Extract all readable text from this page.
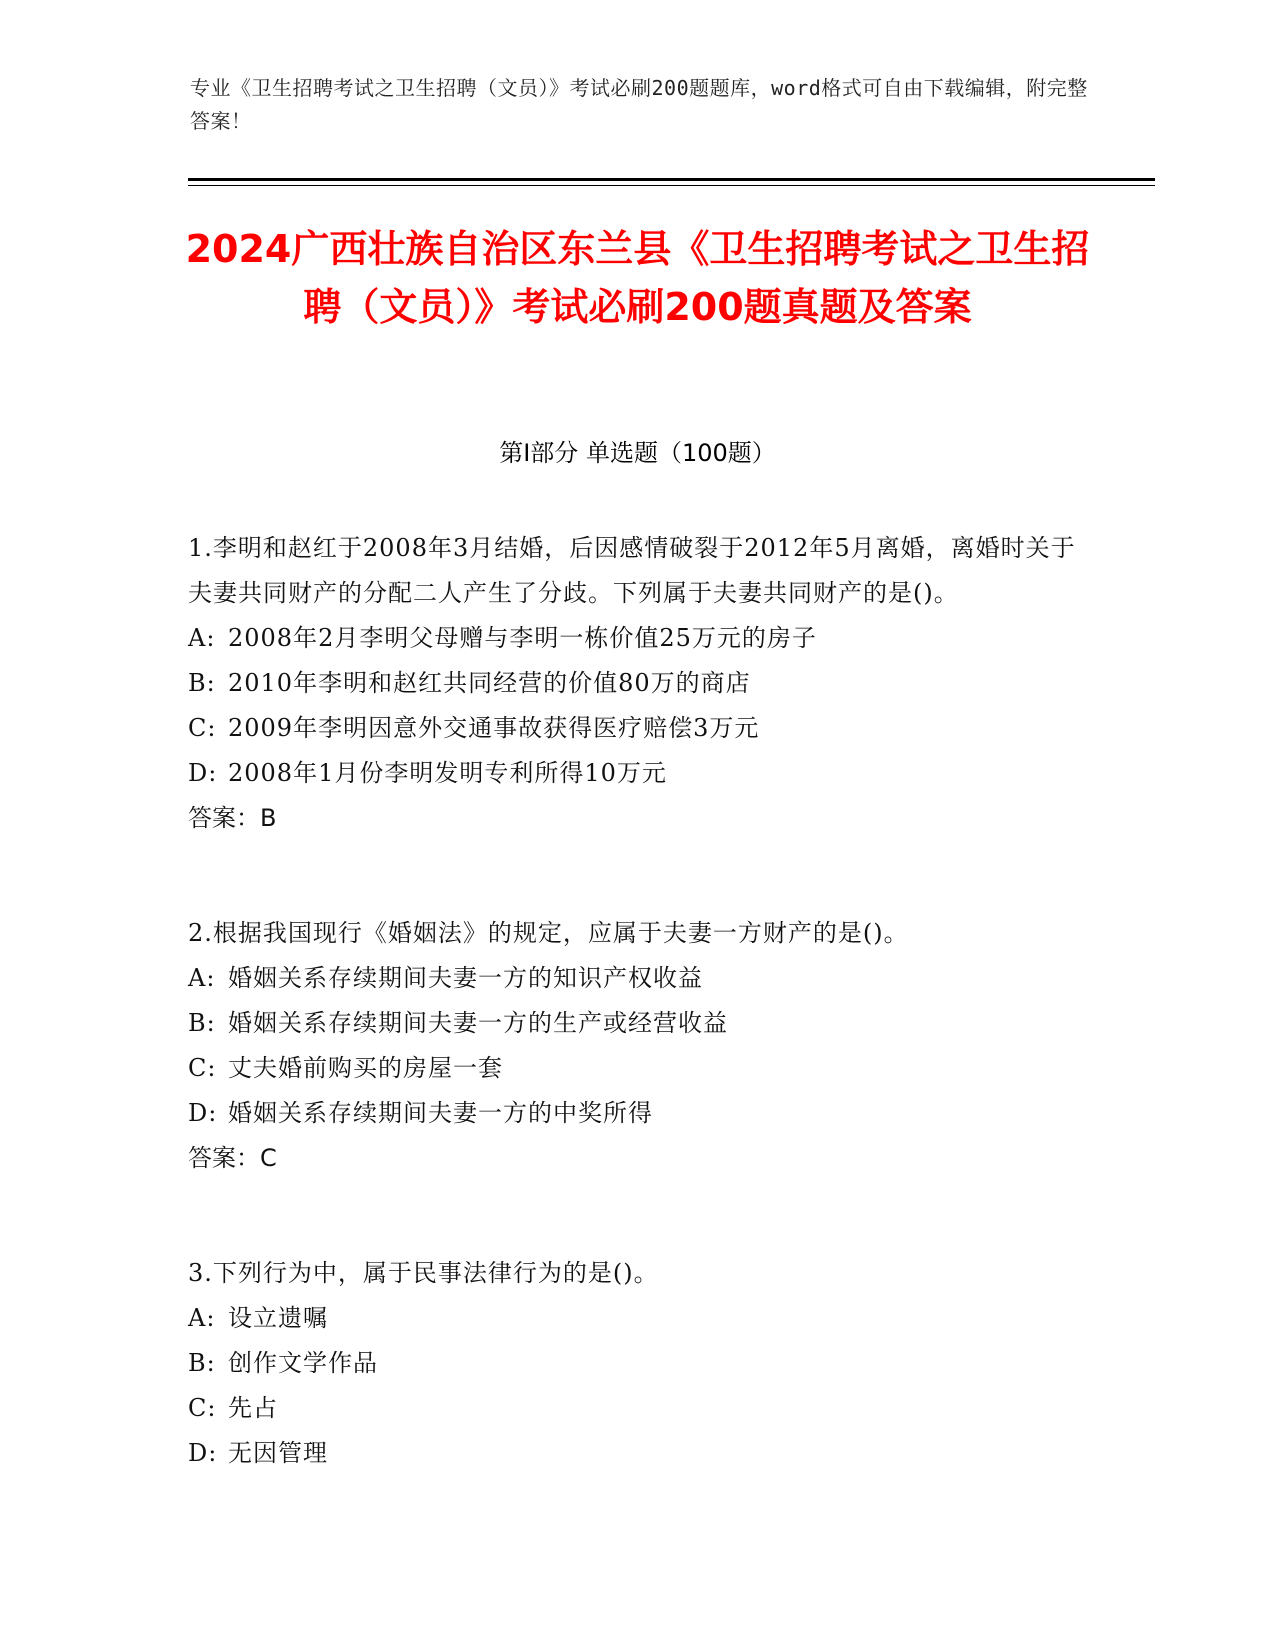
专业《卫生招聘考试之卫生招聘（文员）》考试必刷200题题库，word格式可自由下载编辑，附完整答案！
2024广西壮族自治区东兰县《卫生招聘考试之卫生招聘（文员）》考试必刷200题真题及答案
第Ⅰ部分 单选题（100题）

1.李明和赵红于2008年3月结婚，后因感情破裂于2012年5月离婚，离婚时关于夫妻共同财产的分配二人产生了分歧。下列属于夫妻共同财产的是()。

A: 2008年2月李明父母赠与李明一栋价值25万元的房子

B: 2010年李明和赵红共同经营的价值80万的商店

C: 2009年李明因意外交通事故获得医疗赔偿3万元

D: 2008年1月份李明发明专利所得10万元

答案：B

2.根据我国现行《婚姻法》的规定，应属于夫妻一方财产的是()。

A: 婚姻关系存续期间夫妻一方的知识产权收益

B: 婚姻关系存续期间夫妻一方的生产或经营收益

C: 丈夫婚前购买的房屋一套

D: 婚姻关系存续期间夫妻一方的中奖所得

答案：C

3.下列行为中，属于民事法律行为的是()。

A: 设立遗嘱

B: 创作文学作品

C: 先占

D: 无因管理
